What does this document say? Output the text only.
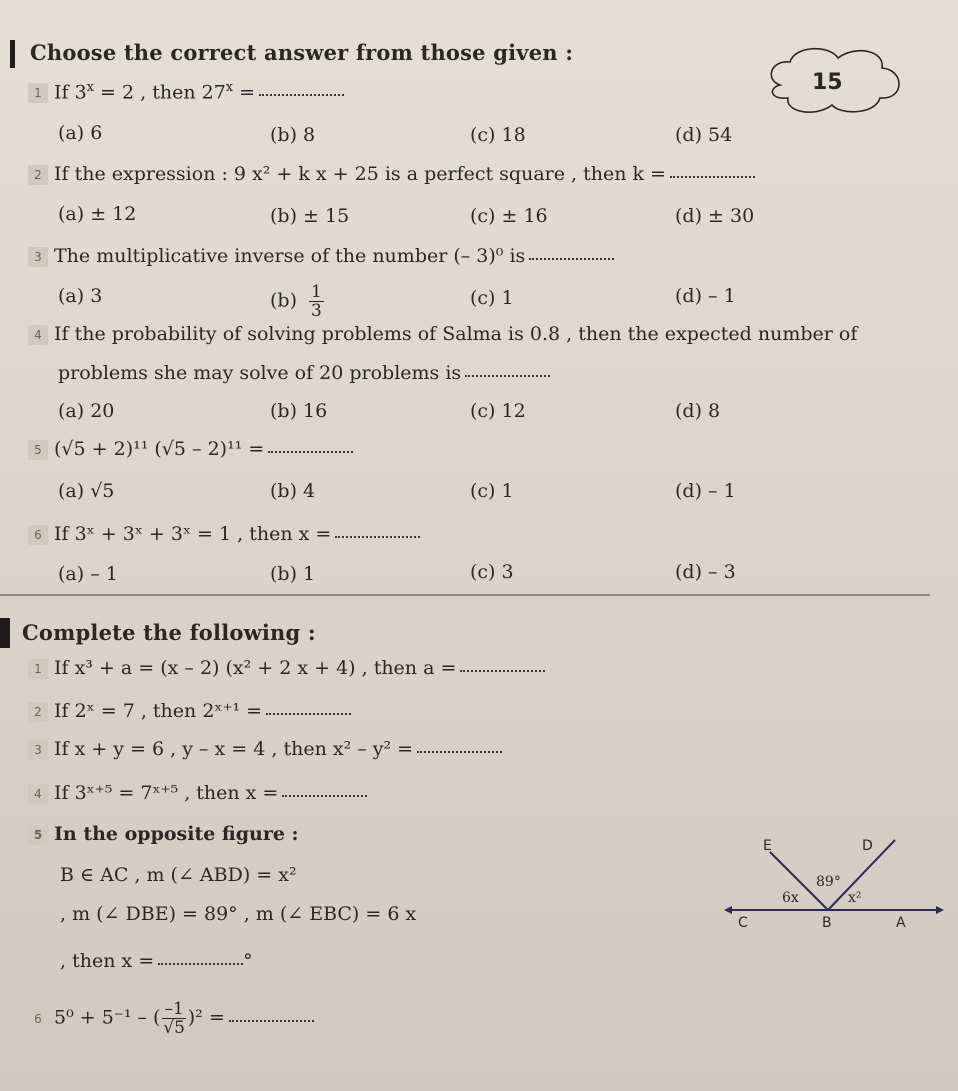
Choose the correct answer from those given :
15
1 If $3^x = 2$ , then $27^x$ =
(a) 6	(b) 8	(c) 18	(d) 54
2 If the expression : 9 x² + k x + 25 is a perfect square , then k =
(a) ± 12	(b) ± 15	(c) ± 16	(d) ± 30
3 The multiplicative inverse of the number (– 3)⁰ is
(a) 3	$(b) \frac{1}{3}$	(c) 1	(d) – 1
4 If the probability of solving problems of Salma is 0.8 , then the expected number of
problems she may solve of 20 problems is
(a) 20	(b) 16	(c) 12	(d) 8
5 (√5 + 2)¹¹ (√5 – 2)¹¹ =
(a) √5	(b) 4	(c) 1	(d) – 1
6 If 3ˣ + 3ˣ + 3ˣ = 1 , then x =
(a) – 1	(b) 1	(c) 3	(d) – 3
Complete the following :
1 If x³ + a = (x – 2) (x² + 2 x + 4) , then a =
2 If 2ˣ = 7 , then 2ˣ⁺¹ =
3 If x + y = 6 , y – x = 4 , then x² – y² =
4 If 3ˣ⁺⁵ = 7ˣ⁺⁵ , then x =
5 In the opposite figure :
B ∈ AC , m (∠ ABD) = x²
, m (∠ DBE) = 89° , m (∠ EBC) = 6 x
, then x =	°
6 5⁰ + 5⁻¹ – ( $\frac{-1}{√5} )^2$ =
E	D
C	B	A
6x
89°
x²
